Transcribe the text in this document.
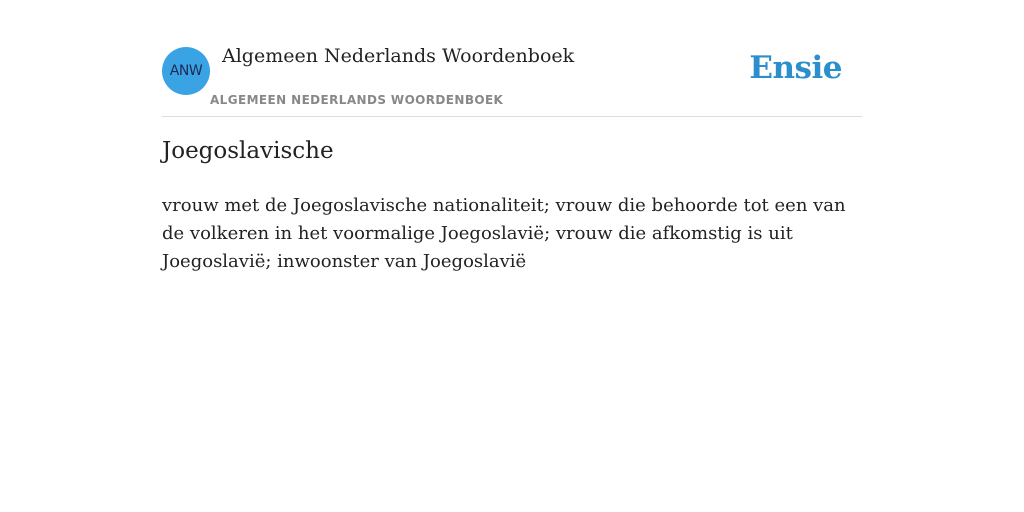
ANW
Algemeen Nederlands Woordenboek
ALGEMEEN NEDERLANDS WOORDENBOEK
Ensie
Joegoslavische

vrouw met de Joegoslavische nationaliteit; vrouw die behoorde tot een van de volkeren in het voormalige Joegoslavië; vrouw die afkomstig is uit Joegoslavië; inwoonster van Joegoslavië
